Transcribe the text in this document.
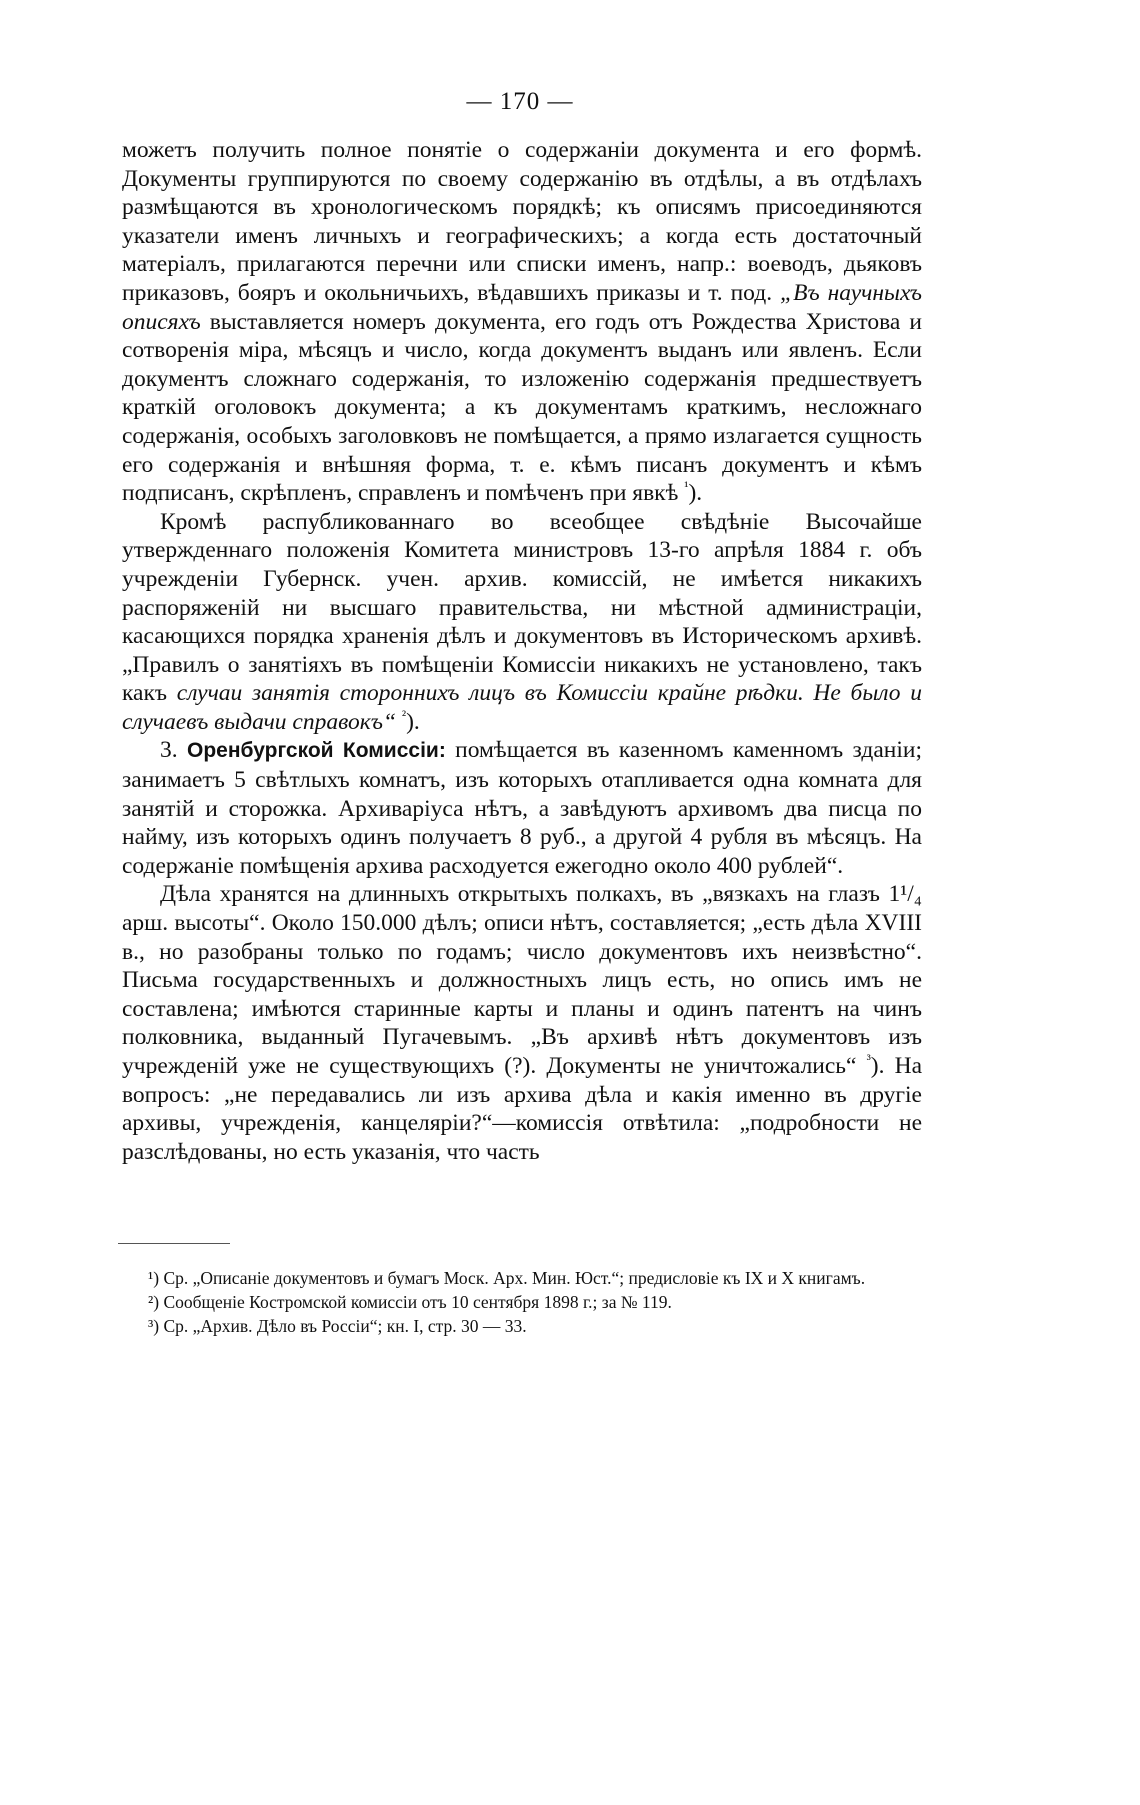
— 170 —

можетъ получить полное понятіе о содержаніи документа и его формѣ. Документы группируются по своему содержанію въ отдѣлы, а въ отдѣлахъ размѣщаются въ хронологическомъ порядкѣ; къ описямъ присоединяются указатели именъ личныхъ и географическихъ; а когда есть достаточный матеріалъ, прилагаются перечни или списки именъ, напр.: воеводъ, дьяковъ приказовъ, бояръ и окольничьихъ, вѣдавшихъ приказы и т. под. „Въ научныхъ описяхъ выставляется номеръ документа, его годъ отъ Рождества Христова и сотворенія міра, мѣсяцъ и число, когда документъ выданъ или явленъ. Если документъ сложнаго содержанія, то изложенію содержанія предшествуетъ краткій оголовокъ документа; а къ документамъ краткимъ, несложнаго содержанія, особыхъ заголовковъ не помѣщается, а прямо излагается сущность его содержанія и внѣшняя форма, т. е. кѣмъ писанъ документъ и кѣмъ подписанъ, скрѣпленъ, справленъ и помѣченъ при явкѣ $^{^1}$).

Кромѣ распубликованнаго во всеобщее свѣдѣніе Высочайше утвержденнаго положенія Комитета министровъ 13-го апрѣля 1884 г. объ учрежденіи Губернск. учен. архив. комиссій, не имѣется никакихъ распоряженій ни высшаго правительства, ни мѣстной администраціи, касающихся порядка храненія дѣлъ и документовъ въ Историческомъ архивѣ. „Правилъ о занятіяхъ въ помѣщеніи Комиссіи никакихъ не установлено, такъ какъ случаи занятія стороннихъ лицъ въ Комиссіи крайне рѣдки. Не было и случаевъ выдачи справокъ“ $^{^2}$).

3. Оренбургской Комиссіи: помѣщается въ казенномъ каменномъ зданіи; занимаетъ 5 свѣтлыхъ комнатъ, изъ которыхъ отапливается одна комната для занятій и сторожка. Архиваріуса нѣтъ, а завѣдуютъ архивомъ два писца по найму, изъ которыхъ одинъ получаетъ 8 руб., а другой 4 рубля въ мѣсяцъ. На содержаніе помѣщенія архива расходуется ежегодно около 400 рублей“.

Дѣла хранятся на длинныхъ открытыхъ полкахъ, въ „вязкахъ на глазъ 1¹/₄ арш. высоты“. Около 150.000 дѣлъ; описи нѣтъ, составляется; „есть дѣла XVIII в., но разобраны только по годамъ; число документовъ ихъ неизвѣстно“. Письма государственныхъ и должностныхъ лицъ есть, но опись имъ не составлена; имѣются старинные карты и планы и одинъ патентъ на чинъ полковника, выданный Пугачевымъ. „Въ архивѣ нѣтъ документовъ изъ учрежденій уже не существующихъ (?). Документы не уничтожались“ $^{^3}$). На вопросъ: „не передавались ли изъ архива дѣла и какія именно въ другіе архивы, учрежденія, канцеляріи?“—комиссія отвѣтила: „подробности не разслѣдованы, но есть указанія, что часть

¹) Ср. „Описаніе документовъ и бумагъ Моск. Арх. Мин. Юст.“; предисловіе къ IX и X книгамъ.

²) Сообщеніе Костромской комиссіи отъ 10 сентября 1898 г.; за № 119.

³) Ср. „Архив. Дѣло въ Россіи“; кн. I, стр. 30 — 33.
